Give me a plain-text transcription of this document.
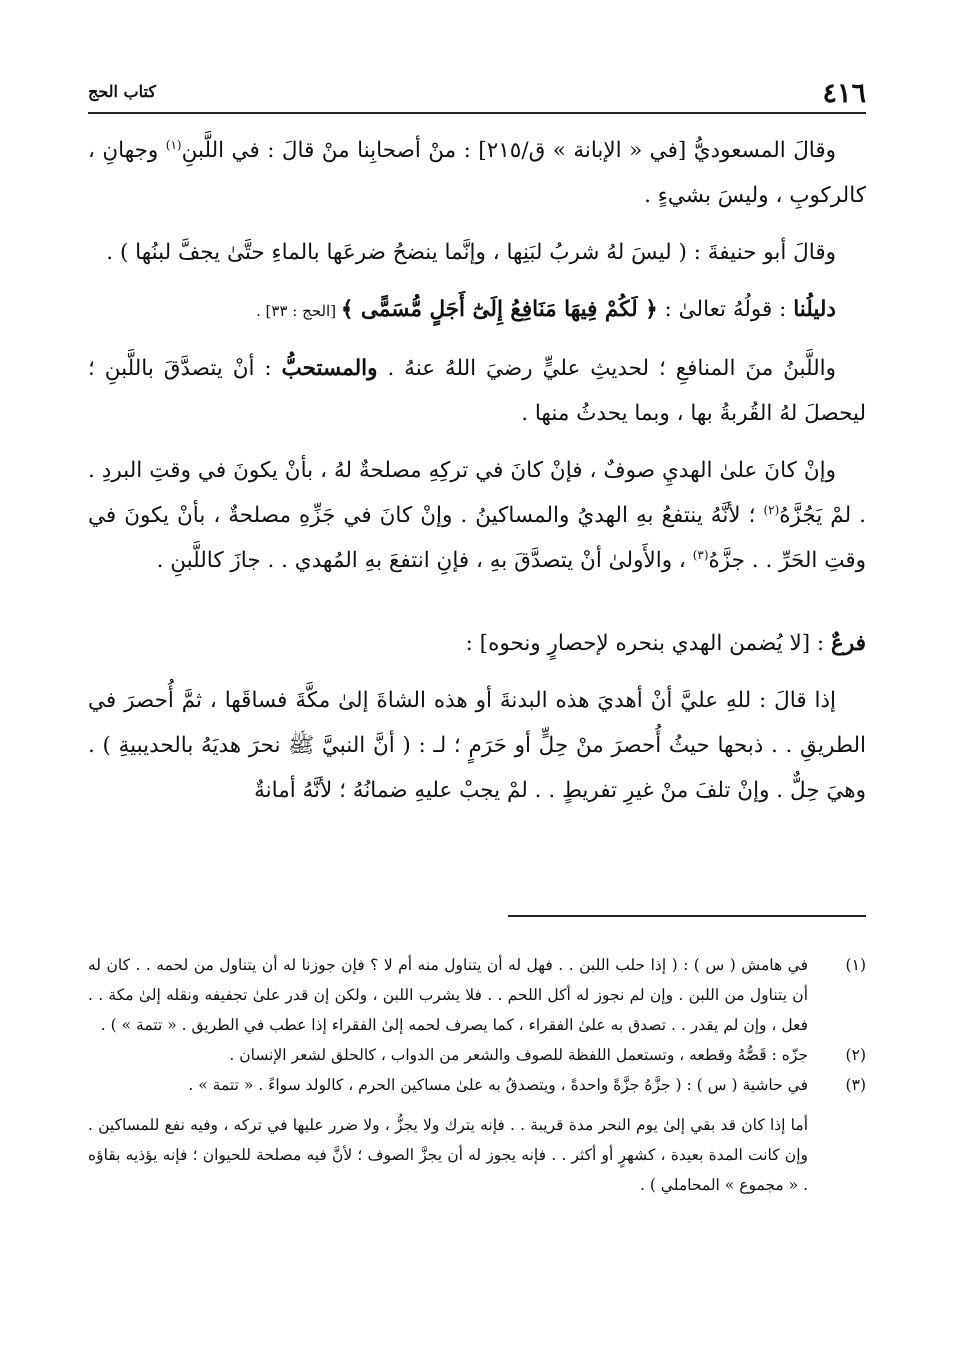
٤١٦
كتاب الحج

وقالَ المسعوديُّ [في « الإبانة » ق/٢١٥] : منْ أصحابِنا منْ قالَ : في اللَّبنِ$^{(١)}$ وجهانِ ، كالركوبِ ، وليسَ بشيءٍ .

وقالَ أبو حنيفةَ : ( ليسَ لهُ شربُ لبَنِها ، وإنَّما ينضحُ ضرعَها بالماءِ حتَّىٰ يجفَّ لبنُها ) .

دليلُنا : قولُهُ تعالىٰ : ﴿ لَكُمْ فِيهَا مَنَافِعُ إِلَىٰٓ أَجَلٍ مُّسَمًّى ﴾ [الحج : ٣٣] .

واللَّبنُ منَ المنافعِ ؛ لحديثِ عليٍّ رضيَ اللهُ عنهُ . والمستحبُّ : أنْ يتصدَّقَ باللَّبنِ ؛ ليحصلَ لهُ القُربةُ بها ، وبما يحدثُ منها .

وإنْ كانَ علىٰ الهديِ صوفٌ ، فإنْ كانَ في تركِهِ مصلحةٌ لهُ ، بأنْ يكونَ في وقتِ البردِ . . لمْ يَجُزَّهُ$^{(٢)}$ ؛ لأنَّهُ ينتفعُ بهِ الهديُ والمساكينُ . وإنْ كانَ في جَزِّهِ مصلحةٌ ، بأنْ يكونَ في وقتِ الحَرِّ . . جزَّهُ$^{(٣)}$ ، والأَولىٰ أنْ يتصدَّقَ بهِ ، فإنِ انتفعَ بهِ المُهدي . . جازَ كاللَّبنِ .

فرعٌ : [لا يُضمن الهدي بنحره لإحصارٍ ونحوه] :

إذا قالَ : للهِ عليَّ أنْ أهديَ هذه البدنةَ أو هذه الشاةَ إلىٰ مكَّةَ فساقَها ، ثمَّ أُحصرَ في الطريقِ . . ذبحها حيثُ أُحصرَ منْ حِلٍّ أو حَرَمٍ ؛ لـ : ( أنَّ النبيَّ ﷺ نحرَ هديَهُ بالحديبيةِ ) . وهيَ حِلٌّ . وإنْ تلفَ منْ غيرِ تفريطٍ . . لمْ يجبْ عليهِ ضمانُهُ ؛ لأنَّهُ أمانةٌ

(١)
في هامش ( س ) : ( إذا حلب اللبن . . فهل له أن يتناول منه أم لا ؟ فإن جوزنا له أن يتناول من لحمه . . كان له أن يتناول من اللبن . وإن لم نجوز له أكل اللحم . . فلا يشرب اللبن ، ولكن إن قدر علىٰ تجفيفه ونقله إلىٰ مكة . . فعل ، وإن لم يقدر . . تصدق به علىٰ الفقراء ، كما يصرف لحمه إلىٰ الفقراء إذا عطب في الطريق . « تتمة » ) .
(٢)
جزّه : قَصُّهُ وقطعه ، وتستعمل اللفظة للصوف والشعر من الدواب ، كالحلق لشعر الإنسان .
(٣)
في حاشية ( س ) : ( جزَّهُ جزَّةً واحدةً ، ويتصدقُ به علىٰ مساكين الحرم ، كالولد سواءً . « تتمة » .
أما إذا كان قد بقي إلىٰ يوم النحر مدة قريبة . . فإنه يترك ولا يجزُّ ، ولا ضرر عليها في تركه ، وفيه نفع للمساكين . وإن كانت المدة بعيدة ، كشهرٍ أو أكثر . . فإنه يجوز له أن يجزَّ الصوف ؛ لأنَّ فيه مصلحة للحيوان ؛ فإنه يؤذيه بقاؤه . « مجموع » المحاملي ) .
